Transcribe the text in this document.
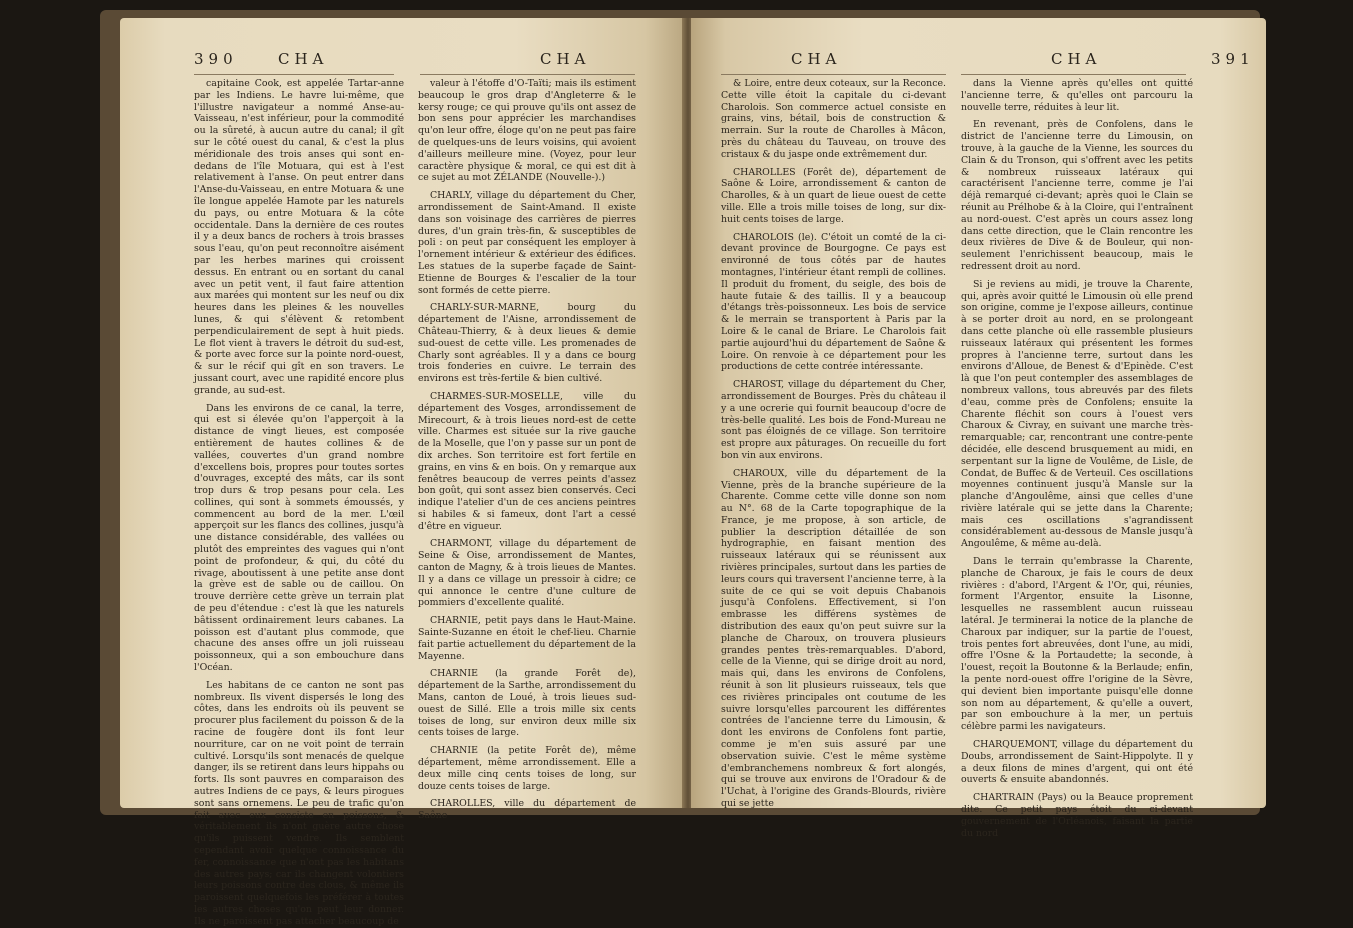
390	CHA	CHA

capitaine Cook, est appelée Tartar-anne par les Indiens. Le havre lui-même, que l'illustre navigateur a nommé Anse-au-Vaisseau, n'est inférieur, pour la commodité ou la sûreté, à aucun autre du canal; il gît sur le côté ouest du canal, & c'est la plus méridionale des trois anses qui sont en-dedans de l'île Motuara, qui est à l'est relativement à l'anse. On peut entrer dans l'Anse-du-Vaisseau, en entre Motuara & une île longue appelée Hamote par les naturels du pays, ou entre Motuara & la côte occidentale. Dans la dernière de ces routes il y a deux bancs de rochers à trois brasses sous l'eau, qu'on peut reconnoître aisément par les herbes marines qui croissent dessus. En entrant ou en sortant du canal avec un petit vent, il faut faire attention aux marées qui montent sur les neuf ou dix heures dans les pleines & les nouvelles lunes, & qui s'élèvent & retombent perpendiculairement de sept à huit pieds. Le flot vient à travers le détroit du sud-est, & porte avec force sur la pointe nord-ouest, & sur le récif qui gît en son travers. Le jussant court, avec une rapidité encore plus grande, au sud-est.

Dans les environs de ce canal, la terre, qui est si élevée qu'on l'apperçoit à la distance de vingt lieues, est composée entièrement de hautes collines & de vallées, couvertes d'un grand nombre d'excellens bois, propres pour toutes sortes d'ouvrages, excepté des mâts, car ils sont trop durs & trop pesans pour cela. Les collines, qui sont à sommets émoussés, y commencent au bord de la mer. L'œil apperçoit sur les flancs des collines, jusqu'à une distance considérable, des vallées ou plutôt des empreintes des vagues qui n'ont point de profondeur, & qui, du côté du rivage, aboutissent à une petite anse dont la grève est de sable ou de caillou. On trouve derrière cette grève un terrain plat de peu d'étendue : c'est là que les naturels bâtissent ordinairement leurs cabanes. La poisson est d'autant plus commode, que chacune des anses offre un joli ruisseau poissonneux, qui a son embouchure dans l'Océan.

Les habitans de ce canton ne sont pas nombreux. Ils vivent dispersés le long des côtes, dans les endroits où ils peuvent se procurer plus facilement du poisson & de la racine de fougère dont ils font leur nourriture, car on ne voit point de terrain cultivé. Lorsqu'ils sont menacés de quelque danger, ils se retirent dans leurs hippahs ou forts. Ils sont pauvres en comparaison des autres Indiens de ce pays, & leurs pirogues sont sans ornemens. Le peu de trafic qu'on fait avec eux consiste en poissons, & véritablement ils n'ont guère autre chose qu'ils puissent vendre. Ils semblent cependant avoir quelque connoissance du fer, connoissance que n'ont pas les habitans des autres pays; car ils changent volontiers leurs poissons contre des clous, & même ils paroissent quelquefois les préférer à toutes les autres choses qu'on peut leur donner. Ils ne paroissent pas attacher beaucoup de

valeur à l'étoffe d'O-Taïti; mais ils estiment beaucoup le gros drap d'Angleterre & le kersy rouge; ce qui prouve qu'ils ont assez de bon sens pour apprécier les marchandises qu'on leur offre, éloge qu'on ne peut pas faire de quelques-uns de leurs voisins, qui avoient d'ailleurs meilleure mine. (Voyez, pour leur caractère physique & moral, ce qui est dit à ce sujet au mot ZÉLANDE (Nouvelle-).)

CHARLY, village du département du Cher, arrondissement de Saint-Amand. Il existe dans son voisinage des carrières de pierres dures, d'un grain très-fin, & susceptibles de poli : on peut par conséquent les employer à l'ornement intérieur & extérieur des édifices. Les statues de la superbe façade de Saint-Etienne de Bourges & l'escalier de la tour sont formés de cette pierre.

CHARLY-SUR-MARNE, bourg du département de l'Aisne, arrondissement de Château-Thierry, & à deux lieues & demie sud-ouest de cette ville. Les promenades de Charly sont agréables. Il y a dans ce bourg trois fonderies en cuivre. Le terrain des environs est très-fertile & bien cultivé.

CHARMES-SUR-MOSELLE, ville du département des Vosges, arrondissement de Mirecourt, & à trois lieues nord-est de cette ville. Charmes est située sur la rive gauche de la Moselle, que l'on y passe sur un pont de dix arches. Son territoire est fort fertile en grains, en vins & en bois. On y remarque aux fenêtres beaucoup de verres peints d'assez bon goût, qui sont assez bien conservés. Ceci indique l'atelier d'un de ces anciens peintres si habiles & si fameux, dont l'art a cessé d'être en vigueur.

CHARMONT, village du département de Seine & Oise, arrondissement de Mantes, canton de Magny, & à trois lieues de Mantes. Il y a dans ce village un pressoir à cidre; ce qui annonce le centre d'une culture de pommiers d'excellente qualité.

CHARNIE, petit pays dans le Haut-Maine. Sainte-Suzanne en étoit le chef-lieu. Charnie fait partie actuellement du département de la Mayenne.

CHARNIE (la grande Forêt de), département de la Sarthe, arrondissement du Mans, canton de Loué, à trois lieues sud-ouest de Sillé. Elle a trois mille six cents toises de long, sur environ deux mille six cents toises de large.

CHARNIE (la petite Forêt de), même département, même arrondissement. Elle a deux mille cinq cents toises de long, sur douze cents toises de large.

CHAROLLES, ville du département de Saône

CHA	CHA	391

& Loire, entre deux coteaux, sur la Reconce. Cette ville étoit la capitale du ci-devant Charolois. Son commerce actuel consiste en grains, vins, bétail, bois de construction & merrain. Sur la route de Charolles à Mâcon, près du château du Tauveau, on trouve des cristaux & du jaspe onde extrêmement dur.

CHAROLLES (Forêt de), département de Saône & Loire, arrondissement & canton de Charolles, & à un quart de lieue ouest de cette ville. Elle a trois mille toises de long, sur dix-huit cents toises de large.

CHAROLOIS (le). C'étoit un comté de la ci-devant province de Bourgogne. Ce pays est environné de tous côtés par de hautes montagnes, l'intérieur étant rempli de collines. Il produit du froment, du seigle, des bois de haute futaie & des taillis. Il y a beaucoup d'étangs très-poissonneux. Les bois de service & le merrain se transportent à Paris par la Loire & le canal de Briare. Le Charolois fait partie aujourd'hui du département de Saône & Loire. On renvoie à ce département pour les productions de cette contrée intéressante.

CHAROST, village du département du Cher, arrondissement de Bourges. Près du château il y a une ocrerie qui fournit beaucoup d'ocre de très-belle qualité. Les bois de Fond-Mureau ne sont pas éloignés de ce village. Son territoire est propre aux pâturages. On recueille du fort bon vin aux environs.

CHAROUX, ville du département de la Vienne, près de la branche supérieure de la Charente. Comme cette ville donne son nom au N°. 68 de la Carte topographique de la France, je me propose, à son article, de publier la description détaillée de son hydrographie, en faisant mention des ruisseaux latéraux qui se réunissent aux rivières principales, surtout dans les parties de leurs cours qui traversent l'ancienne terre, à la suite de ce qui se voit depuis Chabanois jusqu'à Confolens. Effectivement, si l'on embrasse les différens systèmes de distribution des eaux qu'on peut suivre sur la planche de Charoux, on trouvera plusieurs grandes pentes très-remarquables. D'abord, celle de la Vienne, qui se dirige droit au nord, mais qui, dans les environs de Confolens, réunit à son lit plusieurs ruisseaux, tels que ces rivières principales ont coutume de les suivre lorsqu'elles parcourent les différentes contrées de l'ancienne terre du Limousin, & dont les environs de Confolens font partie, comme je m'en suis assuré par une observation suivie. C'est le même système d'embranchemens nombreux & fort alongés, qui se trouve aux environs de l'Oradour & de l'Uchat, à l'origine des Grands-Blourds, rivière qui se jette

dans la Vienne après qu'elles ont quitté l'ancienne terre, & qu'elles ont parcouru la nouvelle terre, réduites à leur lit.

En revenant, près de Confolens, dans le district de l'ancienne terre du Limousin, on trouve, à la gauche de la Vienne, les sources du Clain & du Tronson, qui s'offrent avec les petits & nombreux ruisseaux latéraux qui caractérisent l'ancienne terre, comme je l'ai déjà remarqué ci-devant; après quoi le Clain se réunit au Prélhobe & à la Cloire, qui l'entraînent au nord-ouest. C'est après un cours assez long dans cette direction, que le Clain rencontre les deux rivières de Dive & de Bouleur, qui non-seulement l'enrichissent beaucoup, mais le redressent droit au nord.

Si je reviens au midi, je trouve la Charente, qui, après avoir quitté le Limousin où elle prend son origine, comme je l'expose ailleurs, continue à se porter droit au nord, en se prolongeant dans cette planche où elle rassemble plusieurs ruisseaux latéraux qui présentent les formes propres à l'ancienne terre, surtout dans les environs d'Alloue, de Benest & d'Epinède. C'est là que l'on peut contempler des assemblages de nombreux vallons, tous abreuvés par des filets d'eau, comme près de Confolens; ensuite la Charente fléchit son cours à l'ouest vers Charoux & Civray, en suivant une marche très-remarquable; car, rencontrant une contre-pente décidée, elle descend brusquement au midi, en serpentant sur la ligne de Voulême, de Lisle, de Condat, de Buffec & de Verteuil. Ces oscillations moyennes continuent jusqu'à Mansle sur la planche d'Angoulême, ainsi que celles d'une rivière latérale qui se jette dans la Charente; mais ces oscillations s'agrandissent considérablement au-dessous de Mansle jusqu'à Angoulême, & même au-delà.

Dans le terrain qu'embrasse la Charente, planche de Charoux, je fais le cours de deux rivières : d'abord, l'Argent & l'Or, qui, réunies, forment l'Argentor, ensuite la Lisonne, lesquelles ne rassemblent aucun ruisseau latéral. Je terminerai la notice de la planche de Charoux par indiquer, sur la partie de l'ouest, trois pentes fort abreuvées, dont l'une, au midi, offre l'Osne & la Portaudette; la seconde, à l'ouest, reçoit la Boutonne & la Berlaude; enfin, la pente nord-ouest offre l'origine de la Sèvre, qui devient bien importante puisqu'elle donne son nom au département, & qu'elle a ouvert, par son embouchure à la mer, un pertuis célèbre parmi les navigateurs.

CHARQUEMONT, village du département du Doubs, arrondissement de Saint-Hippolyte. Il y a deux filons de mines d'argent, qui ont été ouverts & ensuite abandonnés.

CHARTRAIN (Pays) ou la Beauce proprement dite. Ce petit pays étoit du ci-devant gouvernement de l'Orléanois, faisant la partie du nord
